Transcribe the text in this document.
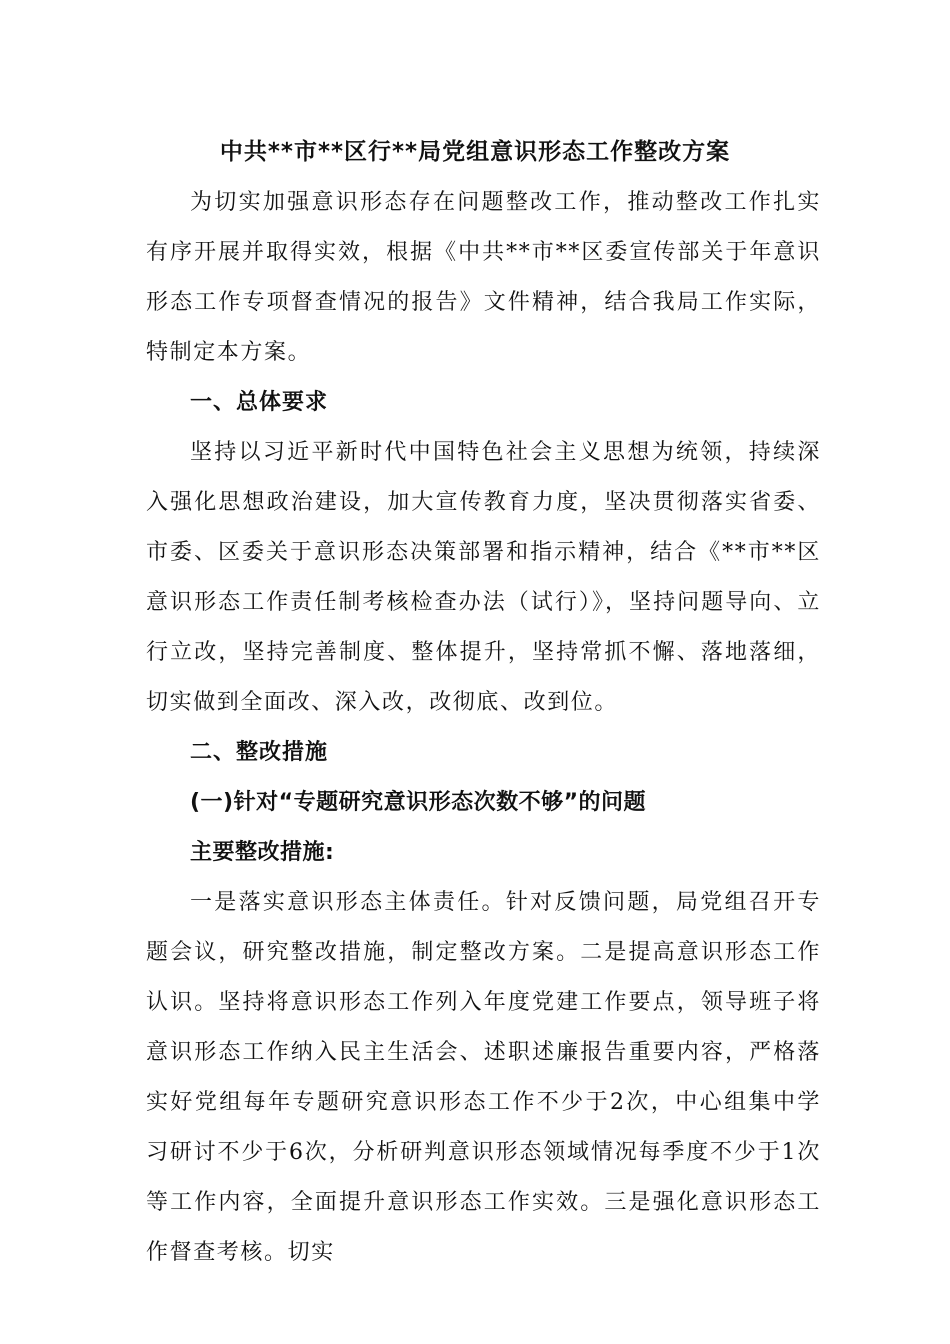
中共**市**区行**局党组意识形态工作整改方案

为切实加强意识形态存在问题整改工作，推动整改工作扎实有序开展并取得实效，根据《中共**市**区委宣传部关于年意识形态工作专项督查情况的报告》文件精神，结合我局工作实际，特制定本方案。

一、总体要求

坚持以习近平新时代中国特色社会主义思想为统领，持续深入强化思想政治建设，加大宣传教育力度，坚决贯彻落实省委、市委、区委关于意识形态决策部署和指示精神，结合《**市**区意识形态工作责任制考核检查办法（试行）》，坚持问题导向、立行立改，坚持完善制度、整体提升，坚持常抓不懈、落地落细，切实做到全面改、深入改，改彻底、改到位。

二、整改措施

(一)针对“专题研究意识形态次数不够”的问题

主要整改措施:

一是落实意识形态主体责任。针对反馈问题，局党组召开专题会议，研究整改措施，制定整改方案。二是提高意识形态工作认识。坚持将意识形态工作列入年度党建工作要点，领导班子将意识形态工作纳入民主生活会、述职述廉报告重要内容，严格落实好党组每年专题研究意识形态工作不少于2次，中心组集中学习研讨不少于6次，分析研判意识形态领域情况每季度不少于1次等工作内容，全面提升意识形态工作实效。三是强化意识形态工作督查考核。切实
